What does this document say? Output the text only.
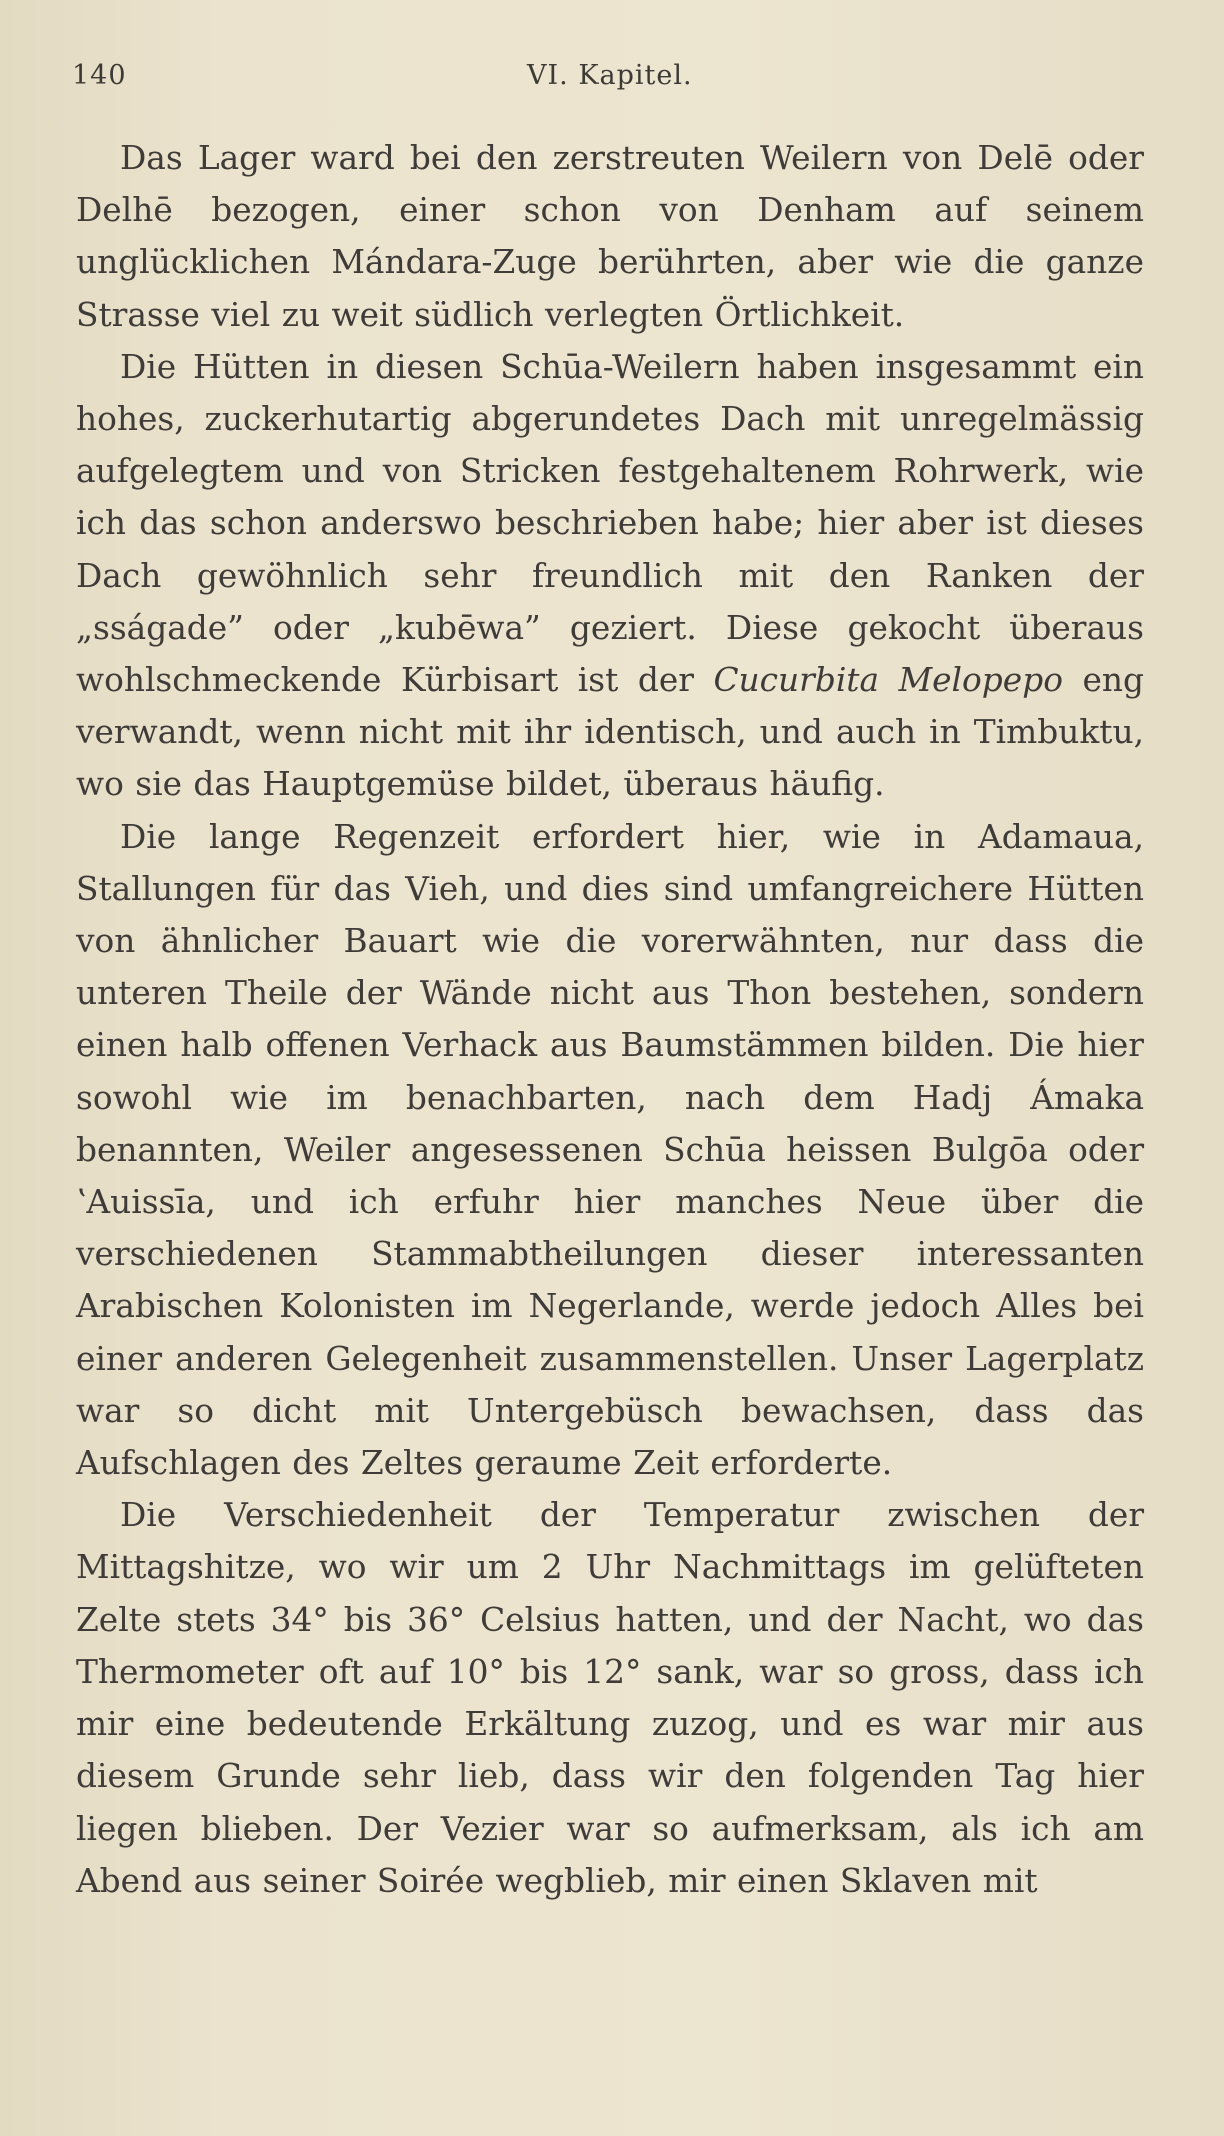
140	VI. Kapitel.

Das Lager ward bei den zerstreuten Weilern von Delē oder Delhē bezogen, einer schon von Denham auf seinem unglücklichen Mándara-Zuge berührten, aber wie die ganze Strasse viel zu weit südlich verlegten Örtlichkeit.

Die Hütten in diesen Schūa-Weilern haben insgesammt ein hohes, zuckerhutartig abgerundetes Dach mit unregelmässig aufgelegtem und von Stricken festgehaltenem Rohrwerk, wie ich das schon anderswo beschrieben habe; hier aber ist dieses Dach gewöhnlich sehr freundlich mit den Ranken der „sságade” oder „kubēwa” geziert. Diese gekocht überaus wohlschmeckende Kürbisart ist der Cucurbita Melopepo eng verwandt, wenn nicht mit ihr identisch, und auch in Timbuktu, wo sie das Hauptgemüse bildet, überaus häufig.

Die lange Regenzeit erfordert hier, wie in Adamaua, Stallungen für das Vieh, und dies sind umfangreichere Hütten von ähnlicher Bauart wie die vorerwähnten, nur dass die unteren Theile der Wände nicht aus Thon bestehen, sondern einen halb offenen Verhack aus Baumstämmen bilden. Die hier sowohl wie im benachbarten, nach dem Hadj Ámaka benannten, Weiler angesessenen Schūa heissen Bulgōa oder ʽAuissīa, und ich erfuhr hier manches Neue über die verschiedenen Stammabtheilungen dieser interessanten Arabischen Kolonisten im Negerlande, werde jedoch Alles bei einer anderen Gelegenheit zusammenstellen. Unser Lagerplatz war so dicht mit Untergebüsch bewachsen, dass das Aufschlagen des Zeltes geraume Zeit erforderte.

Die Verschiedenheit der Temperatur zwischen der Mittagshitze, wo wir um 2 Uhr Nachmittags im gelüfteten Zelte stets 34° bis 36° Celsius hatten, und der Nacht, wo das Thermometer oft auf 10° bis 12° sank, war so gross, dass ich mir eine bedeutende Erkältung zuzog, und es war mir aus diesem Grunde sehr lieb, dass wir den folgenden Tag hier liegen blieben. Der Vezier war so aufmerksam, als ich am Abend aus seiner Soirée wegblieb, mir einen Sklaven mit
